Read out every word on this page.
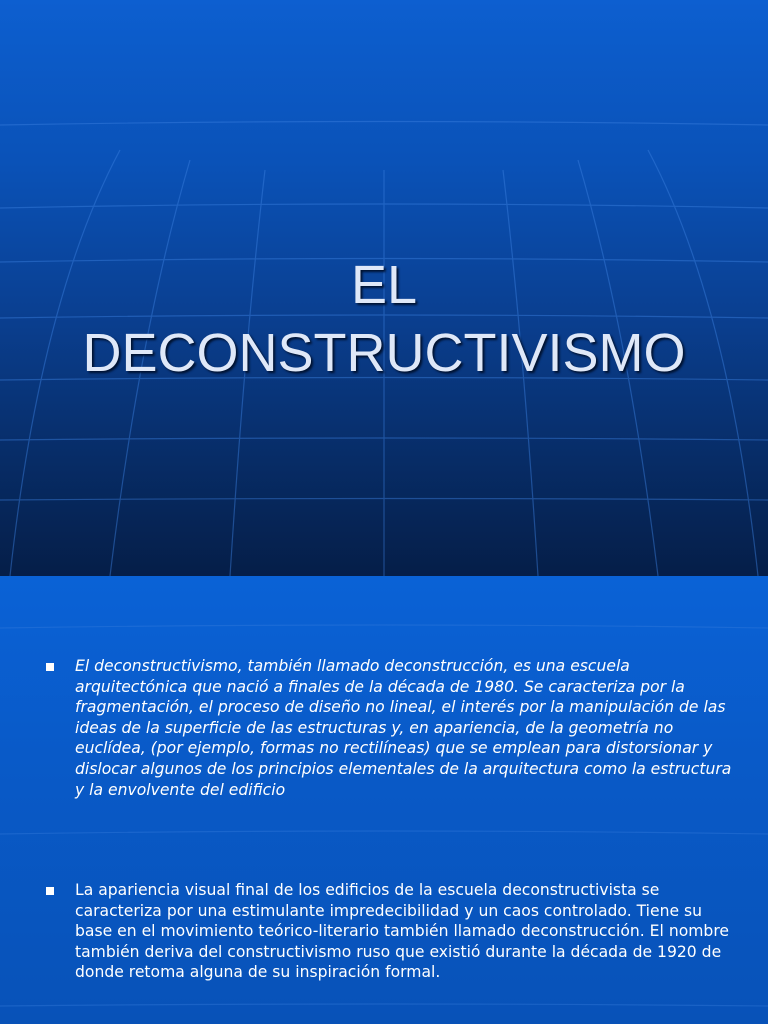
EL
DECONSTRUCTIVISMO

El deconstructivismo, también llamado deconstrucción, es una escuela arquitectónica que nació a finales de la década de 1980. Se caracteriza por la fragmentación, el proceso de diseño no lineal, el interés por la manipulación de las ideas de la superficie de las estructuras y, en apariencia, de la geometría no euclídea, (por ejemplo, formas no rectilíneas) que se emplean para distorsionar y dislocar algunos de los principios elementales de la arquitectura como la estructura y la envolvente del edificio

La apariencia visual final de los edificios de la escuela deconstructivista se caracteriza por una estimulante impredecibilidad y un caos controlado. Tiene su base en el movimiento teórico-literario también llamado deconstrucción. El nombre también deriva del constructivismo ruso que existió durante la década de 1920 de donde retoma alguna de su inspiración formal.
